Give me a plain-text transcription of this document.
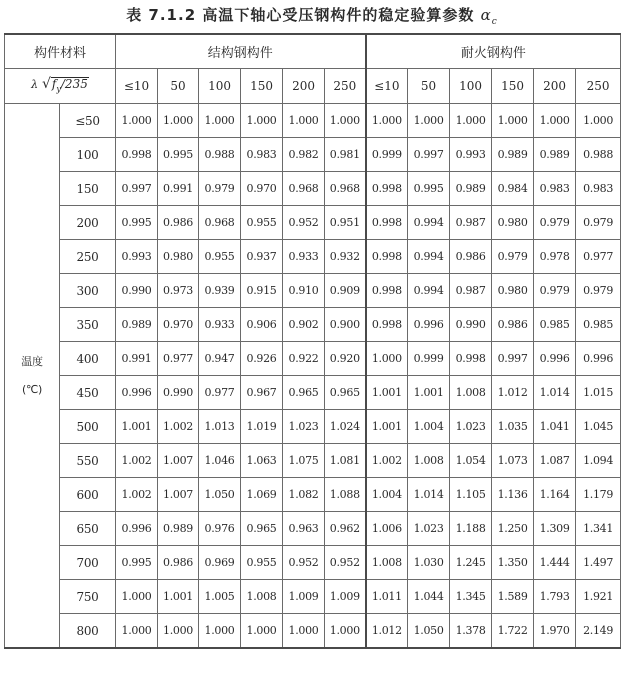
表 7.1.2 高温下轴心受压钢构件的稳定验算参数 $\alpha_c$
构件材料		结构钢构件						耐火钢构件					
λ $√f_y/235$		≤10	50	100	150	200	250	≤10	50	100	150	200	250

温度
(℃)	≤50	1.000	1.000	1.000	1.000	1.000	1.000	1.000	1.000	1.000	1.000	1.000	1.000
	100	0.998	0.995	0.988	0.983	0.982	0.981	0.999	0.997	0.993	0.989	0.989	0.988
	150	0.997	0.991	0.979	0.970	0.968	0.968	0.998	0.995	0.989	0.984	0.983	0.983
	200	0.995	0.986	0.968	0.955	0.952	0.951	0.998	0.994	0.987	0.980	0.979	0.979
	250	0.993	0.980	0.955	0.937	0.933	0.932	0.998	0.994	0.986	0.979	0.978	0.977
	300	0.990	0.973	0.939	0.915	0.910	0.909	0.998	0.994	0.987	0.980	0.979	0.979
	350	0.989	0.970	0.933	0.906	0.902	0.900	0.998	0.996	0.990	0.986	0.985	0.985
	400	0.991	0.977	0.947	0.926	0.922	0.920	1.000	0.999	0.998	0.997	0.996	0.996
	450	0.996	0.990	0.977	0.967	0.965	0.965	1.001	1.001	1.008	1.012	1.014	1.015
	500	1.001	1.002	1.013	1.019	1.023	1.024	1.001	1.004	1.023	1.035	1.041	1.045
	550	1.002	1.007	1.046	1.063	1.075	1.081	1.002	1.008	1.054	1.073	1.087	1.094
	600	1.002	1.007	1.050	1.069	1.082	1.088	1.004	1.014	1.105	1.136	1.164	1.179
	650	0.996	0.989	0.976	0.965	0.963	0.962	1.006	1.023	1.188	1.250	1.309	1.341
	700	0.995	0.986	0.969	0.955	0.952	0.952	1.008	1.030	1.245	1.350	1.444	1.497
	750	1.000	1.001	1.005	1.008	1.009	1.009	1.011	1.044	1.345	1.589	1.793	1.921
	800	1.000	1.000	1.000	1.000	1.000	1.000	1.012	1.050	1.378	1.722	1.970	2.149
